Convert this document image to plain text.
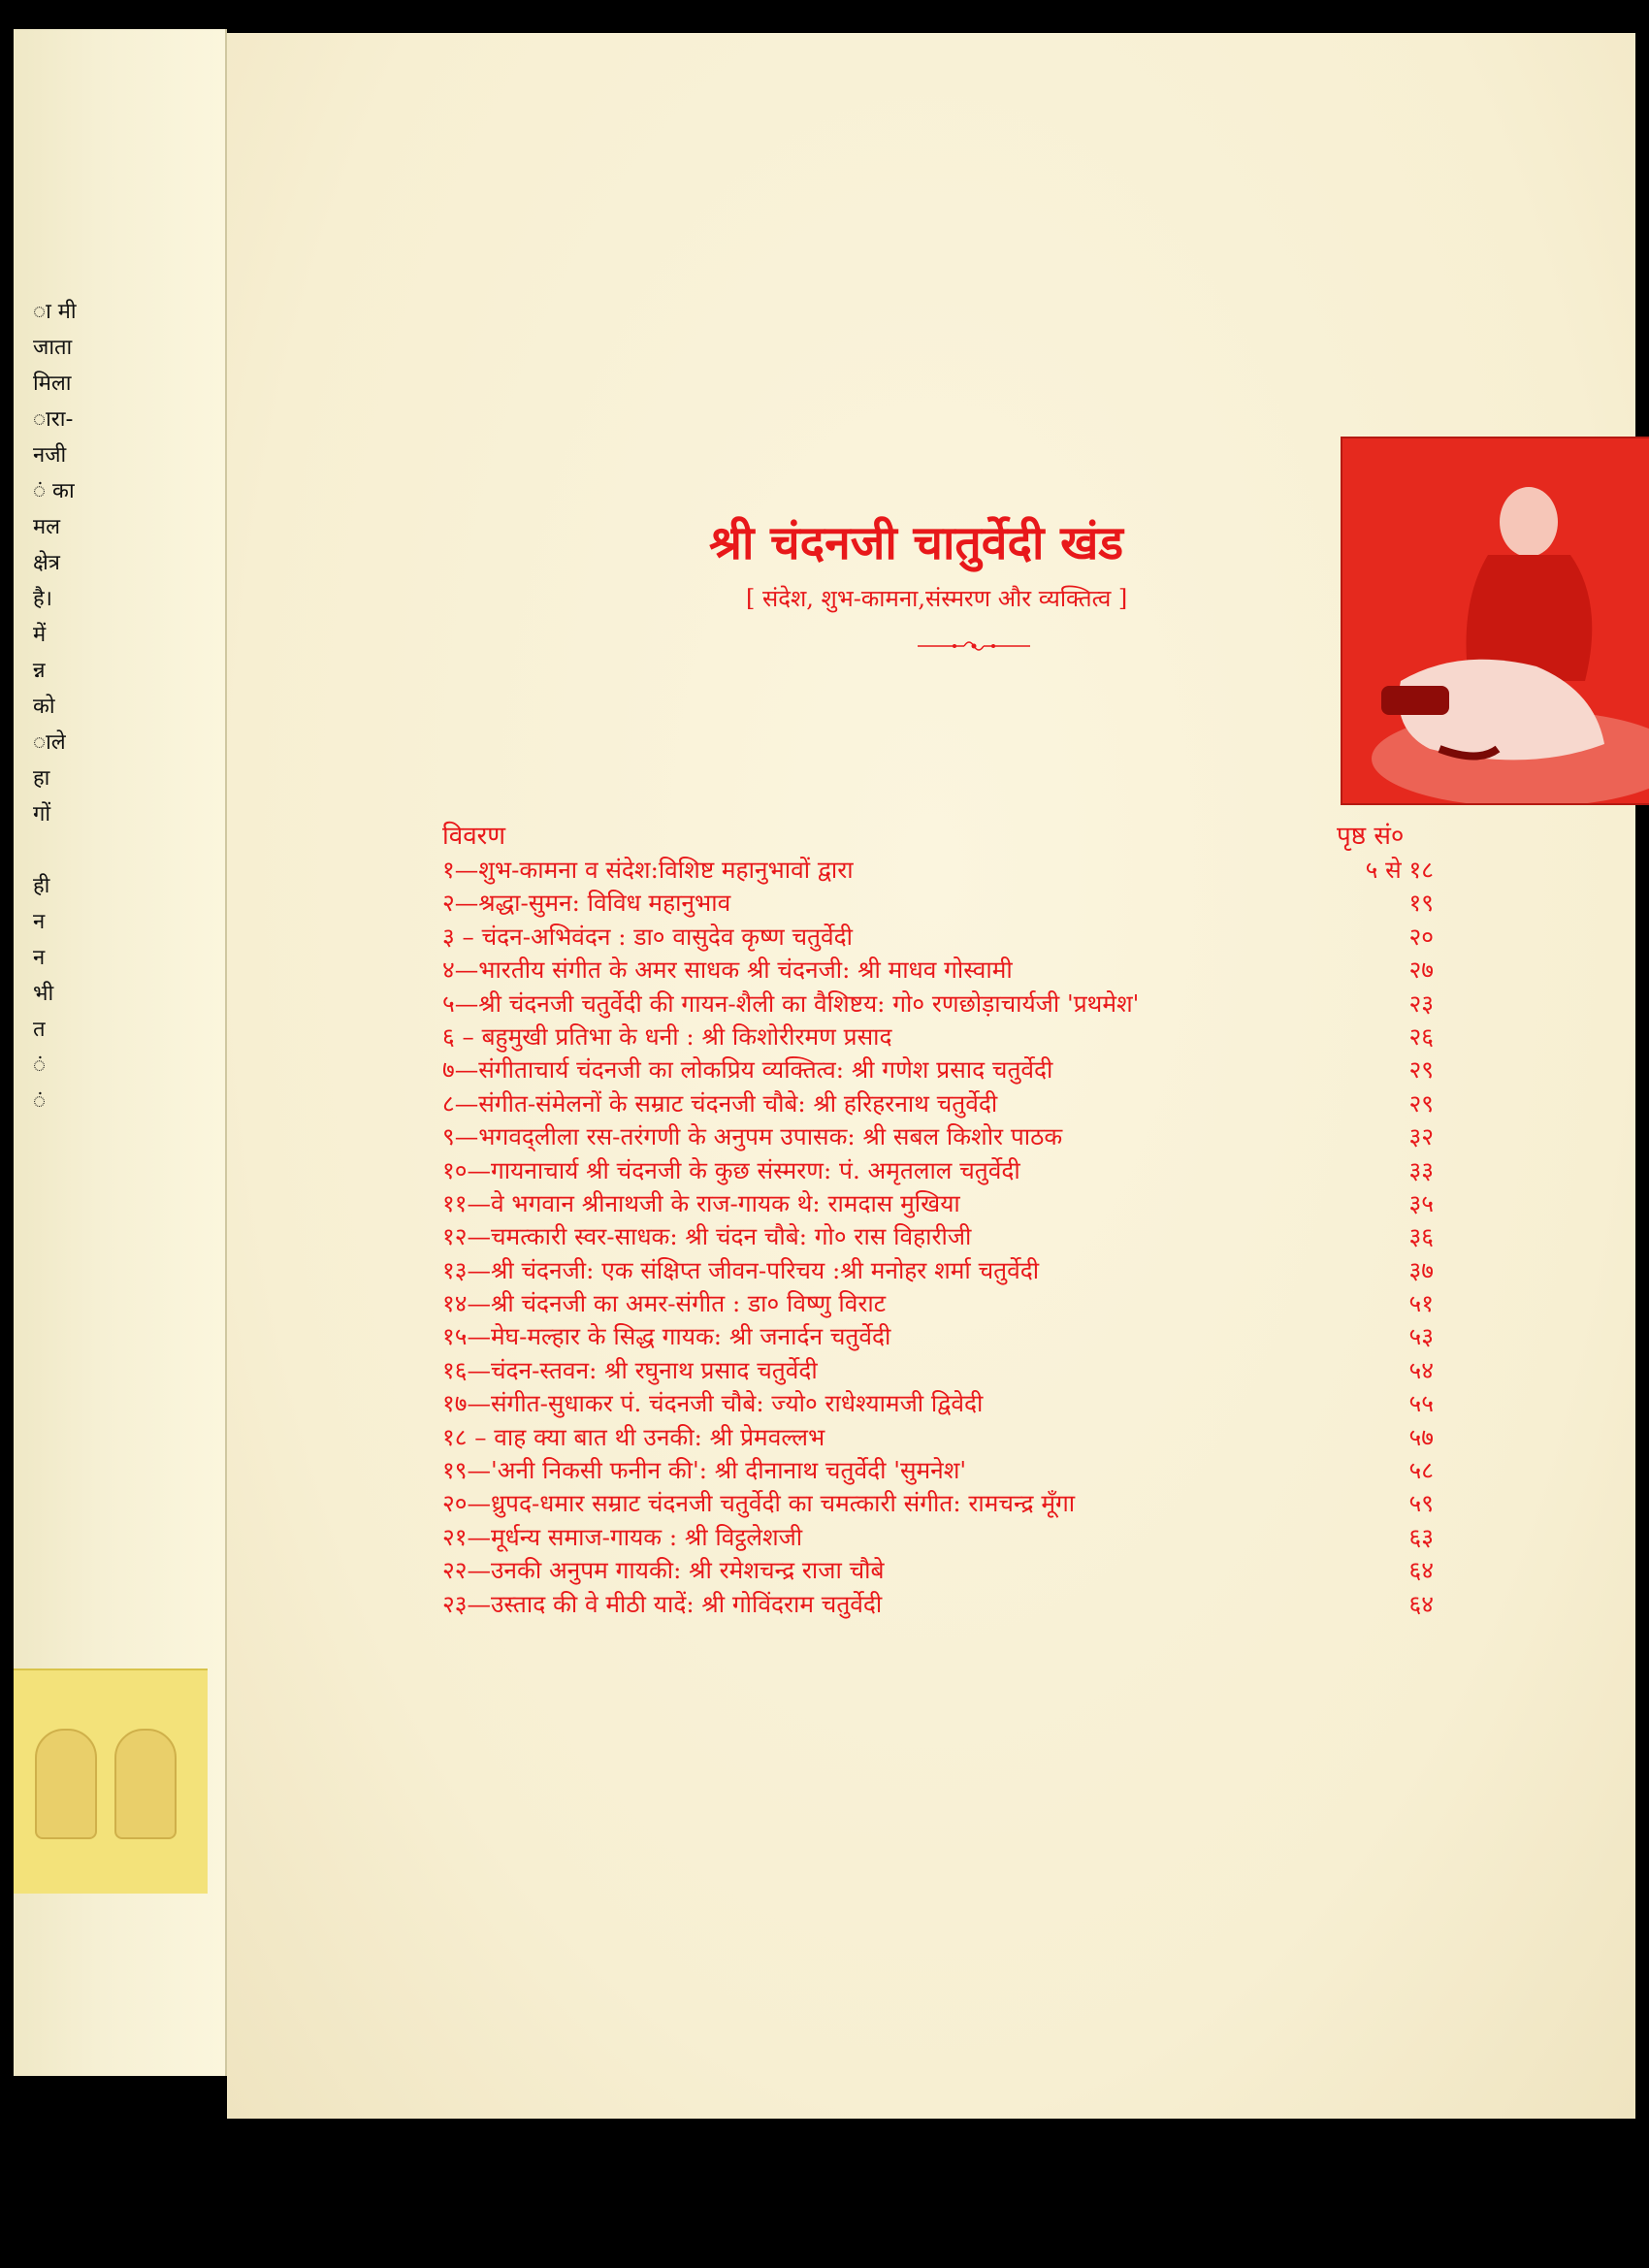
ा मी
जाता
मिला
ारा-
नजी
ं का
मल
क्षेत्र
है।
में
न्न
को
ाले
हा
गों
ही
न
न
भी
त
ं
ं
श्री चंदनजी चातुर्वेदी खंड
[ संदेश, शुभ-कामना,संस्मरण और व्यक्तित्व ]
विवरण	पृष्ठ सं०
१—शुभ-कामना व संदेश:विशिष्ट महानुभावों द्वारा	५ से १८
२—श्रद्धा-सुमन: विविध महानुभाव	१९
३ – चंदन-अभिवंदन : डा० वासुदेव कृष्ण चतुर्वेदी	२०
४—भारतीय संगीत के अमर साधक श्री चंदनजी: श्री माधव गोस्वामी	२७
५—श्री चंदनजी चतुर्वेदी की गायन-शैली का वैशिष्टय: गो० रणछोड़ाचार्यजी 'प्रथमेश'	२३
६ – बहुमुखी प्रतिभा के धनी : श्री किशोरीरमण प्रसाद	२६
७—संगीताचार्य चंदनजी का लोकप्रिय व्यक्तित्व: श्री गणेश प्रसाद चतुर्वेदी	२९
८—संगीत-संमेलनों के सम्राट चंदनजी चौबे: श्री हरिहरनाथ चतुर्वेदी	२९
९—भगवद्लीला रस-तरंगणी के अनुपम उपासक: श्री सबल किशोर पाठक	३२
१०—गायनाचार्य श्री चंदनजी के कुछ संस्मरण: पं. अमृतलाल चतुर्वेदी	३३
११—वे भगवान श्रीनाथजी के राज-गायक थे: रामदास मुखिया	३५
१२—चमत्कारी स्वर-साधक: श्री चंदन चौबे: गो० रास विहारीजी	३६
१३—श्री चंदनजी: एक संक्षिप्त जीवन-परिचय :श्री मनोहर शर्मा चतुर्वेदी	३७
१४—श्री चंदनजी का अमर-संगीत : डा० विष्णु विराट	५१
१५—मेघ-मल्हार के सिद्ध गायक: श्री जनार्दन चतुर्वेदी	५३
१६—चंदन-स्तवन: श्री रघुनाथ प्रसाद चतुर्वेदी	५४
१७—संगीत-सुधाकर पं. चंदनजी चौबे: ज्यो० राधेश्यामजी द्विवेदी	५५
१८ – वाह क्या बात थी उनकी: श्री प्रेमवल्लभ	५७
१९—'अनी निकसी फनीन की': श्री दीनानाथ चतुर्वेदी 'सुमनेश'	५८
२०—ध्रुपद-धमार सम्राट चंदनजी चतुर्वेदी का चमत्कारी संगीत: रामचन्द्र मूँगा	५९
२१—मूर्धन्य समाज-गायक : श्री विट्ठलेशजी	६३
२२—उनकी अनुपम गायकी: श्री रमेशचन्द्र राजा चौबे	६४
२३—उस्ताद की वे मीठी यादें: श्री गोविंदराम चतुर्वेदी	६४
